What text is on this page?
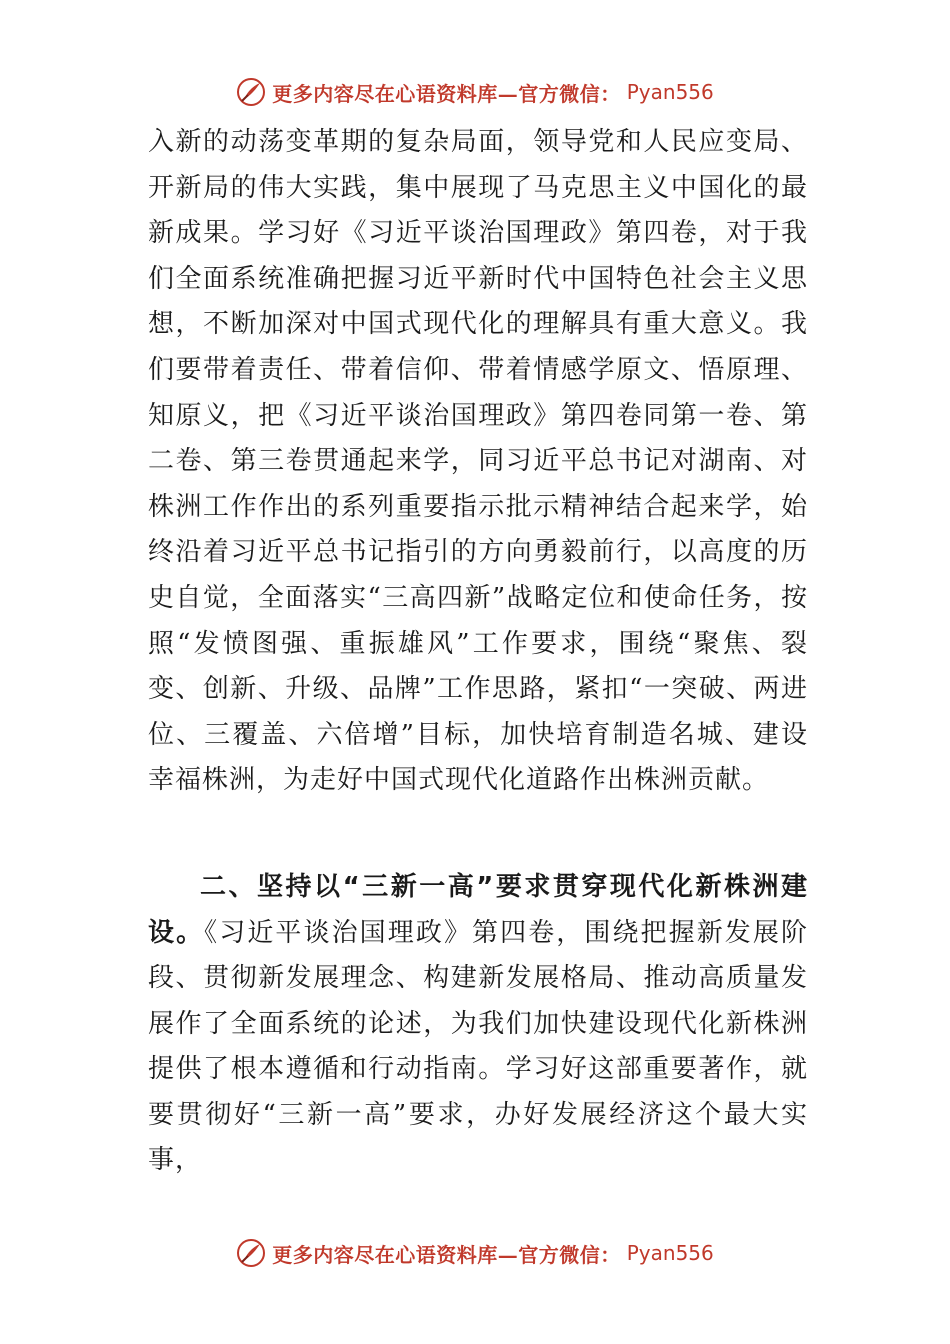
更多内容尽在心语资料库—官方微信： Pyan556

入新的动荡变革期的复杂局面，领导党和人民应变局、开新局的伟大实践，集中展现了马克思主义中国化的最新成果。学习好《习近平谈治国理政》第四卷，对于我们全面系统准确把握习近平新时代中国特色社会主义思想，不断加深对中国式现代化的理解具有重大意义。我们要带着责任、带着信仰、带着情感学原文、悟原理、知原义，把《习近平谈治国理政》第四卷同第一卷、第二卷、第三卷贯通起来学，同习近平总书记对湖南、对株洲工作作出的系列重要指示批示精神结合起来学，始终沿着习近平总书记指引的方向勇毅前行，以高度的历史自觉，全面落实“三高四新”战略定位和使命任务，按照“发愤图强、重振雄风”工作要求，围绕“聚焦、裂变、创新、升级、品牌”工作思路，紧扣“一突破、两进位、三覆盖、六倍增”目标，加快培育制造名城、建设幸福株洲，为走好中国式现代化道路作出株洲贡献。

二、坚持以“三新一高”要求贯穿现代化新株洲建设。《习近平谈治国理政》第四卷，围绕把握新发展阶段、贯彻新发展理念、构建新发展格局、推动高质量发展作了全面系统的论述，为我们加快建设现代化新株洲提供了根本遵循和行动指南。学习好这部重要著作，就要贯彻好“三新一高”要求，办好发展经济这个最大实事，

更多内容尽在心语资料库—官方微信： Pyan556
